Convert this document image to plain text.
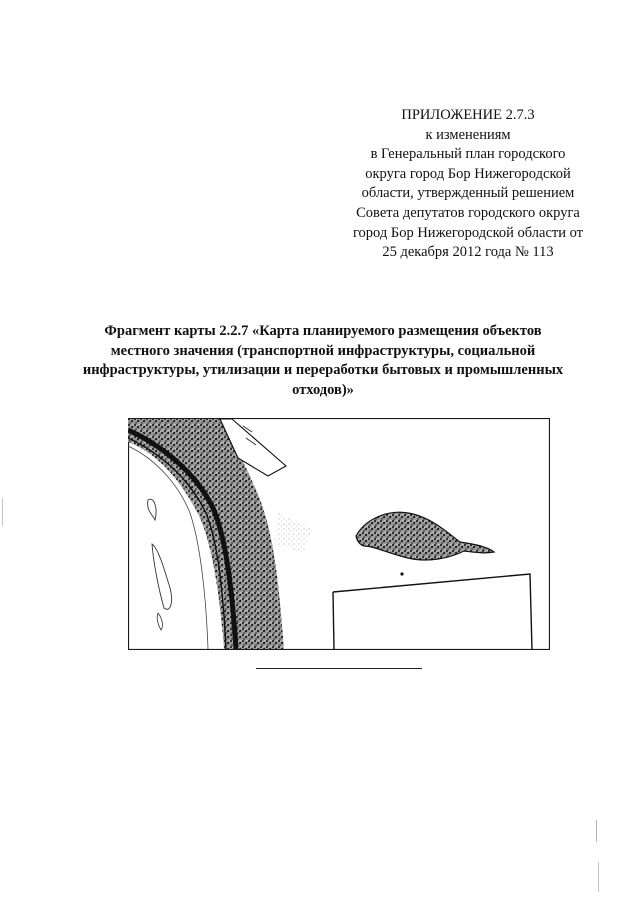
ПРИЛОЖЕНИЕ 2.7.3
к изменениям
в Генеральный план городского
округа город Бор Нижегородской
области, утвержденный решением
Совета депутатов городского округа
город Бор Нижегородской области от
25 декабря 2012 года № 113
Фрагмент карты 2.2.7 «Карта планируемого размещения объектов
местного значения (транспортной инфраструктуры, социальной
инфраструктуры, утилизации и переработки бытовых и промышленных
отходов)»
